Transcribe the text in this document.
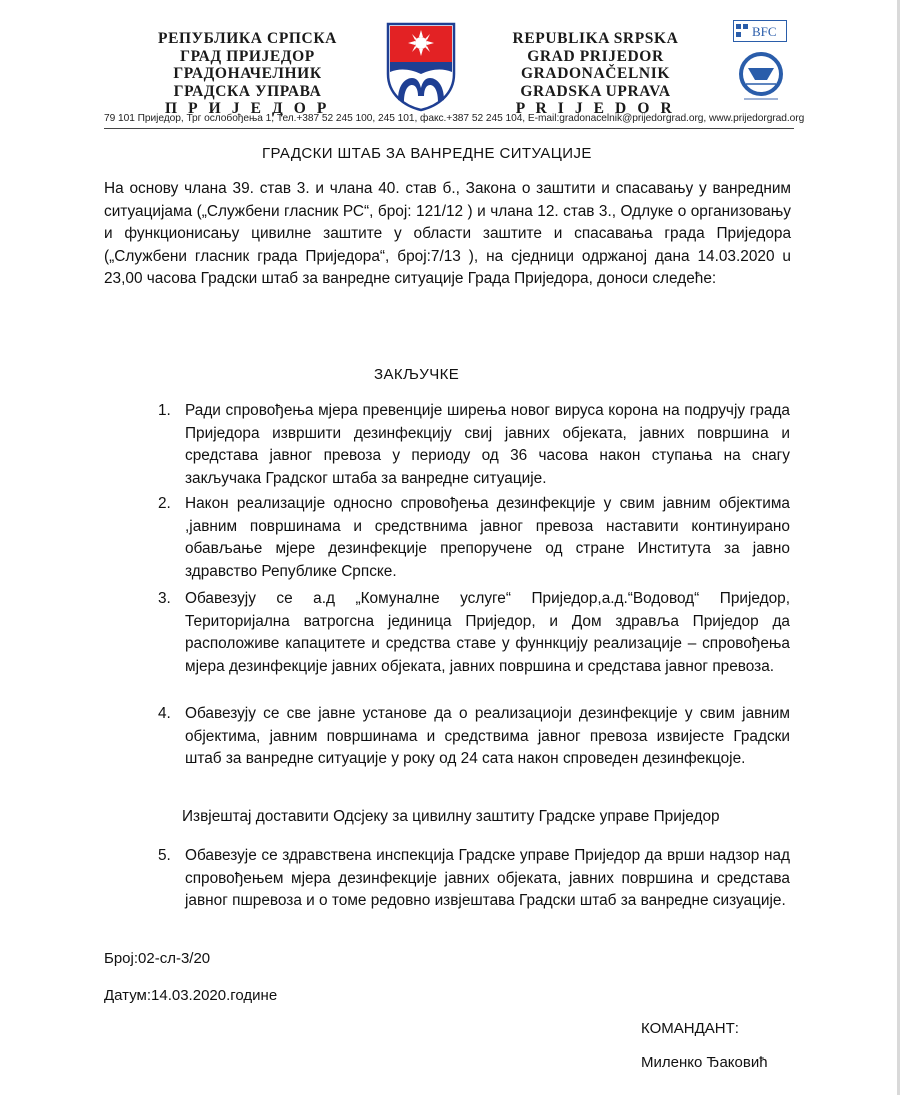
РЕПУБЛИКА СРПСКА
ГРАД ПРИЈЕДОР
ГРАДОНАЧЕЛНИК
ГРАДСКА УПРАВА
П Р И Ј Е Д О Р
REPUBLIKA SRPSKA
GRAD PRIJEDOR
GRADONAČELNIK
GRADSKA UPRAVA
P R I J E D O R
BFC
79 101 Приједор, Трг ослобођења 1, Тел.+387 52 245 100, 245 101, факс.+387 52 245 104, E-mail:gradonacelnik@prijedorgrad.org, www.prijedorgrad.org
ГРАДСКИ ШТАБ ЗА ВАНРЕДНЕ СИТУАЦИЈЕ
На основу члана 39. став 3. и члана 40. став б., Закона о заштити и спасавању у ванредним ситуацијама („Службени гласник РС“, број: 121/12 ) и члана 12. став 3., Одлуке о организовању и функционисању цивилне заштите у области заштите и спасавања града Приједора („Службени гласник града Приједора“, број:7/13 ), на сједници одржаној дана 14.03.2020 u 23,00 часова Градски штаб за ванредне ситуације Града Приједора, доноси следеће:
ЗАКЉУЧКЕ
1. Ради спровођења мјера превенције ширења новог вируса корона на подручју града Приједора извршити дезинфекцију свиј јавних објеката, јавних површина и средстава јавног превоза у периоду од 36 часова након ступања на снагу закључака Градског штаба за ванредне ситуације.
2. Након реализације односно спровођења дезинфекције у свим јавним објектима ,јавним површинама и средствнима јавног превоза наставити континуирано обављање мјере дезинфекције препоручене од стране Института за јавно здравство Републике Српске.
3. Обавезују се а.д „Комуналне услуге“ Приједор,а.д.“Водовод“ Приједор, Територијална ватрогсна јединица Приједор, и Дом здравља Приједор да расположиве капацитете и средства ставе у фуннкцију реализације – спровођења мјера дезинфекције јавних објеката, јавних површина и средстава јавног превоза.
4. Обавезују се све јавне установе да о реализациоји дезинфекције у свим јавним објектима, јавним површинама и средствима јавног превоза извијесте Градски штаб за ванредне ситуације у року од 24 сата након спроведен дезинфекцоје.
Извјештај доставити Одсјеку за цивилну заштиту Градске управе Приједор
5. Обавезује се здравствена инспекција Градске управе Приједор да врши надзор над спровођењем мјера дезинфекције јавних објеката, јавних површина и средстава јавног пшревоза и о томе редовно извјештава Градски штаб за ванредне сизуације.
Број:02-сл-3/20
Датум:14.03.2020.године
КОМАНДАНТ:
Миленко Ђаковић
